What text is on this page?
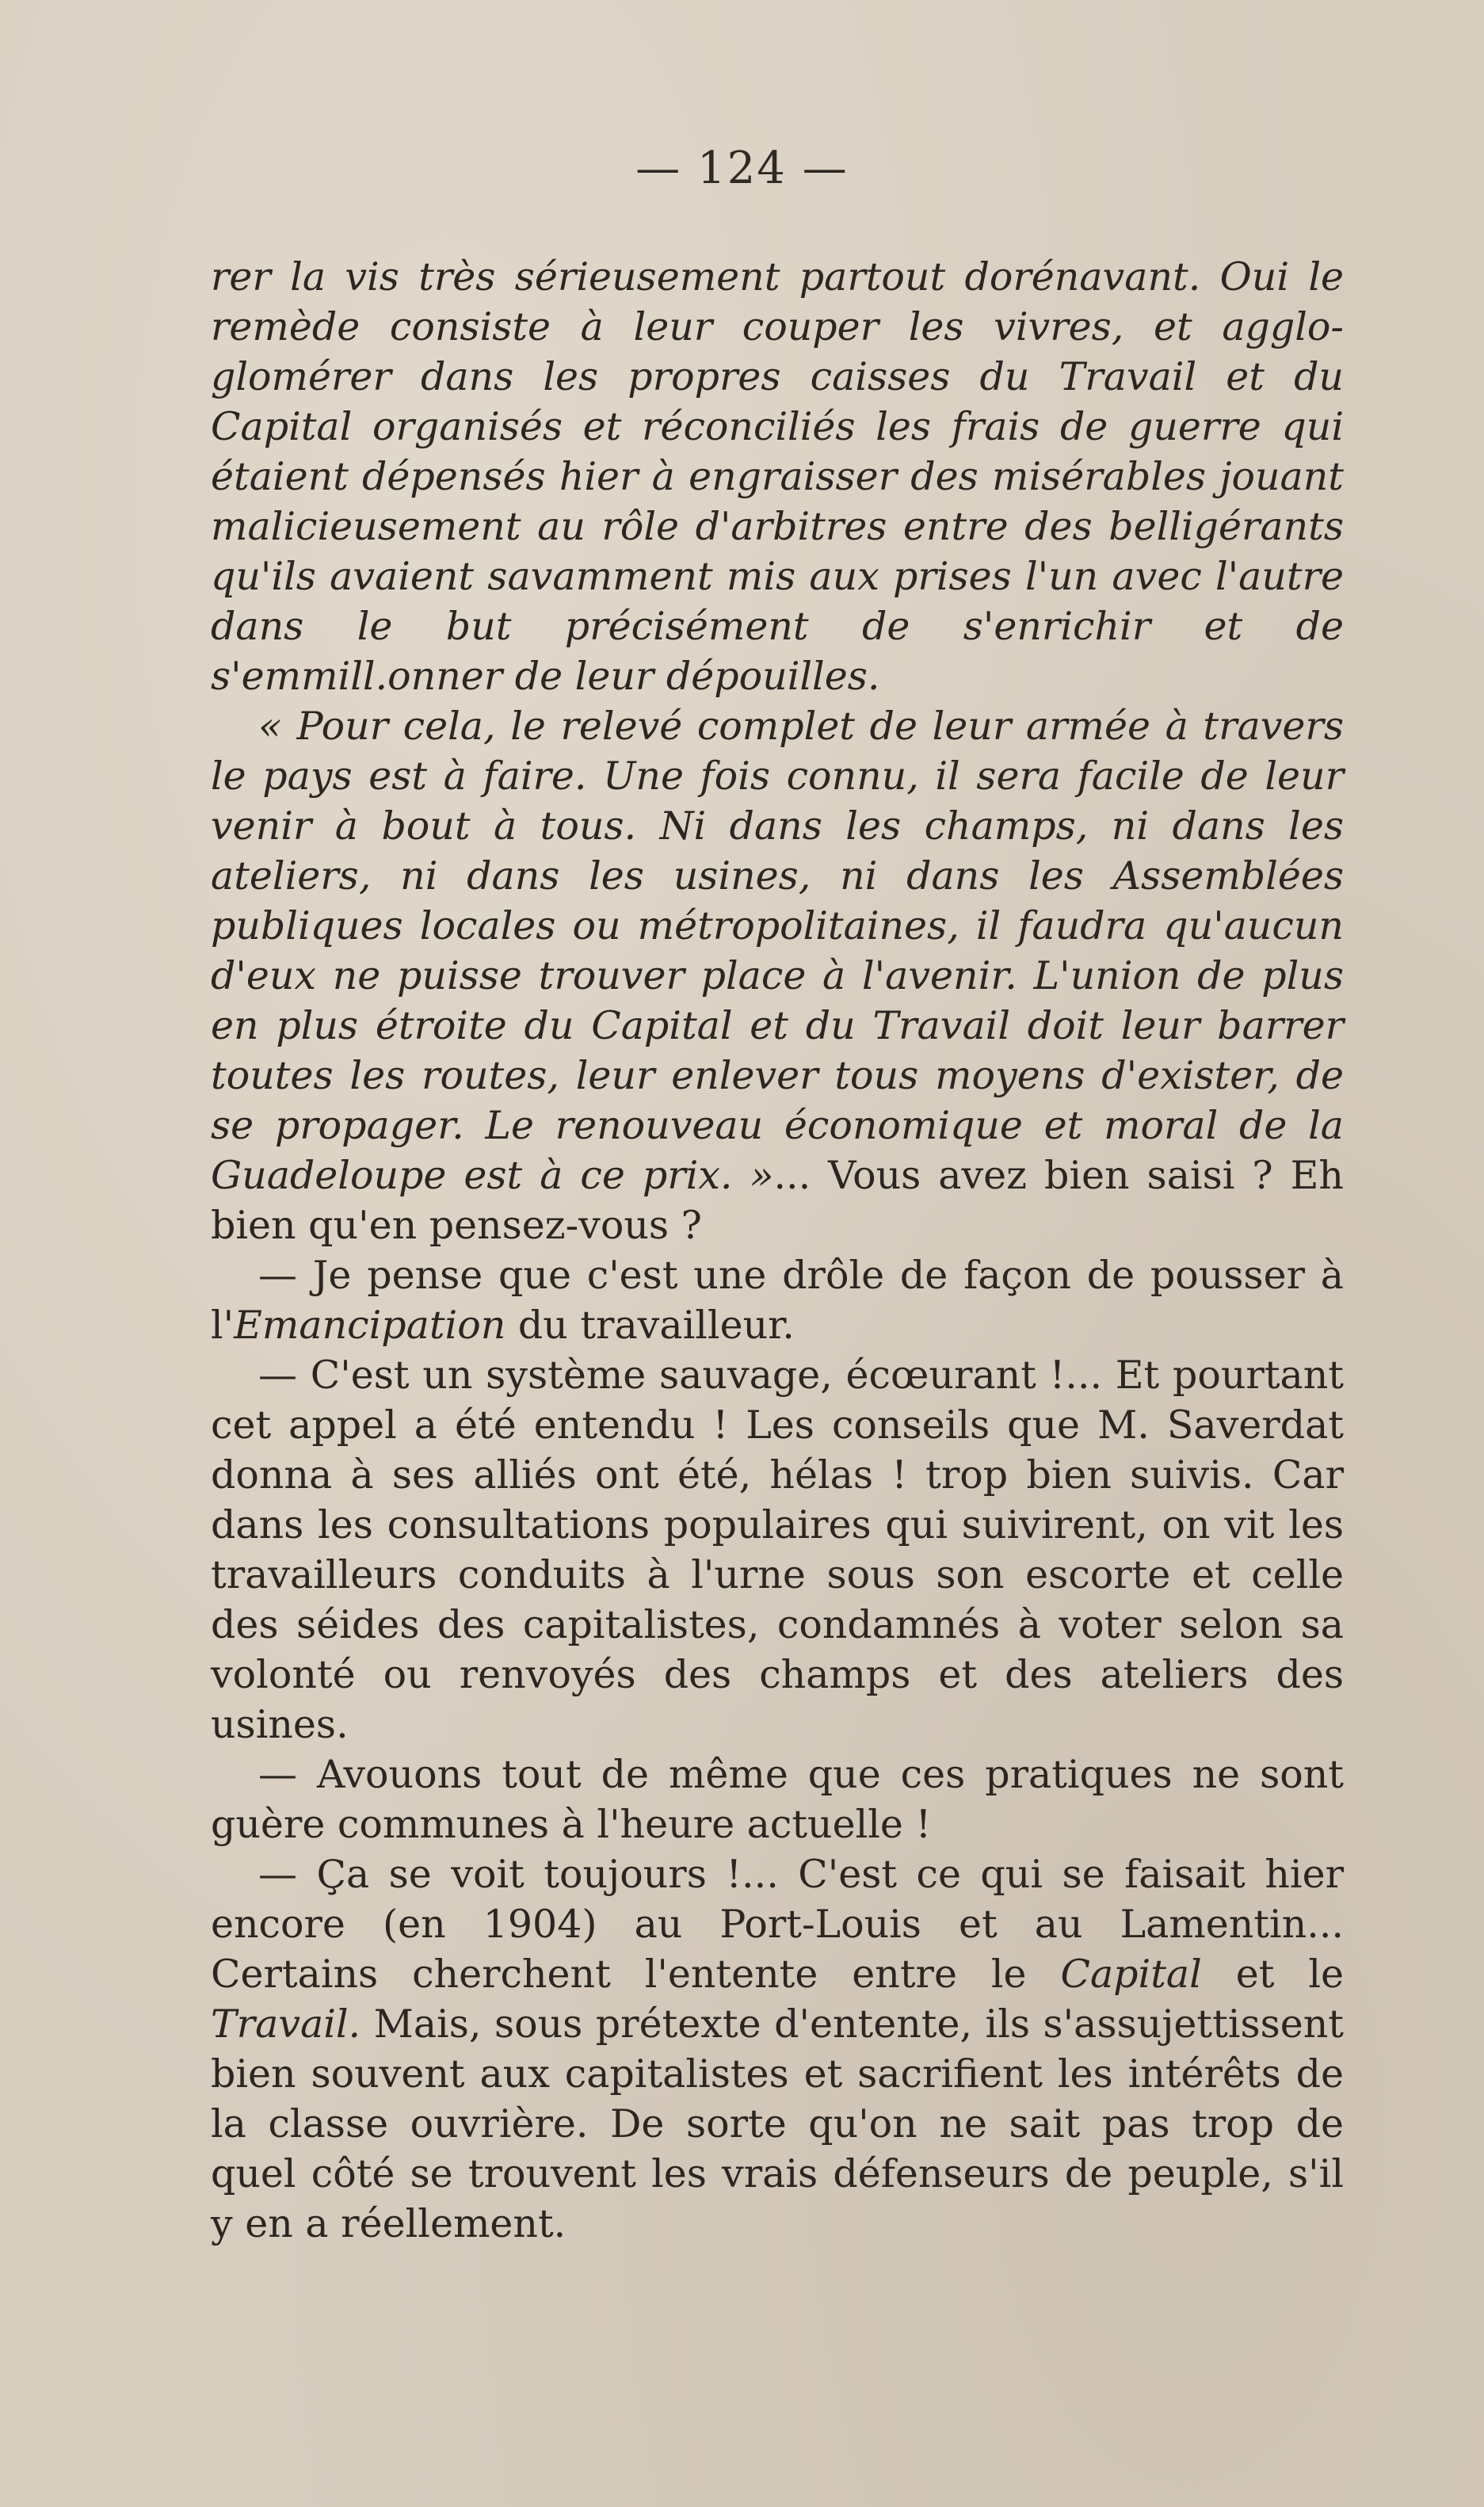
— 124 —

rer la vis très sérieusement partout dorénavant. Oui le remède consiste à leur couper les vivres, et agglo-glomérer dans les propres caisses du Travail et du Capital organisés et réconciliés les frais de guerre qui étaient dépensés hier à engraisser des misérables jouant malicieusement au rôle d'arbitres entre des belligérants qu'ils avaient savamment mis aux prises l'un avec l'autre dans le but précisément de s'enrichir et de s'emmill.onner de leur dépouilles.

« Pour cela, le relevé complet de leur armée à travers le pays est à faire. Une fois connu, il sera facile de leur venir à bout à tous. Ni dans les champs, ni dans les ateliers, ni dans les usines, ni dans les Assemblées publiques locales ou métropolitaines, il faudra qu'aucun d'eux ne puisse trouver place à l'avenir. L'union de plus en plus étroite du Capital et du Travail doit leur barrer toutes les routes, leur enlever tous moyens d'exister, de se propager. Le renouveau économique et moral de la Guadeloupe est à ce prix. »... Vous avez bien saisi ? Eh bien qu'en pensez-vous ?

— Je pense que c'est une drôle de façon de pousser à l'Emancipation du travailleur.

— C'est un système sauvage, écœurant !... Et pourtant cet appel a été entendu ! Les conseils que M. Saverdat donna à ses alliés ont été, hélas ! trop bien suivis. Car dans les consultations populaires qui suivirent, on vit les travailleurs conduits à l'urne sous son escorte et celle des séides des capitalistes, condamnés à voter selon sa volonté ou renvoyés des champs et des ateliers des usines.

— Avouons tout de même que ces pratiques ne sont guère communes à l'heure actuelle !

— Ça se voit toujours !... C'est ce qui se faisait hier encore (en 1904) au Port-Louis et au Lamentin... Certains cherchent l'entente entre le Capital et le Travail. Mais, sous prétexte d'entente, ils s'assujettissent bien souvent aux capitalistes et sacrifient les intérêts de la classe ouvrière. De sorte qu'on ne sait pas trop de quel côté se trouvent les vrais défenseurs de peuple, s'il y en a réellement.
